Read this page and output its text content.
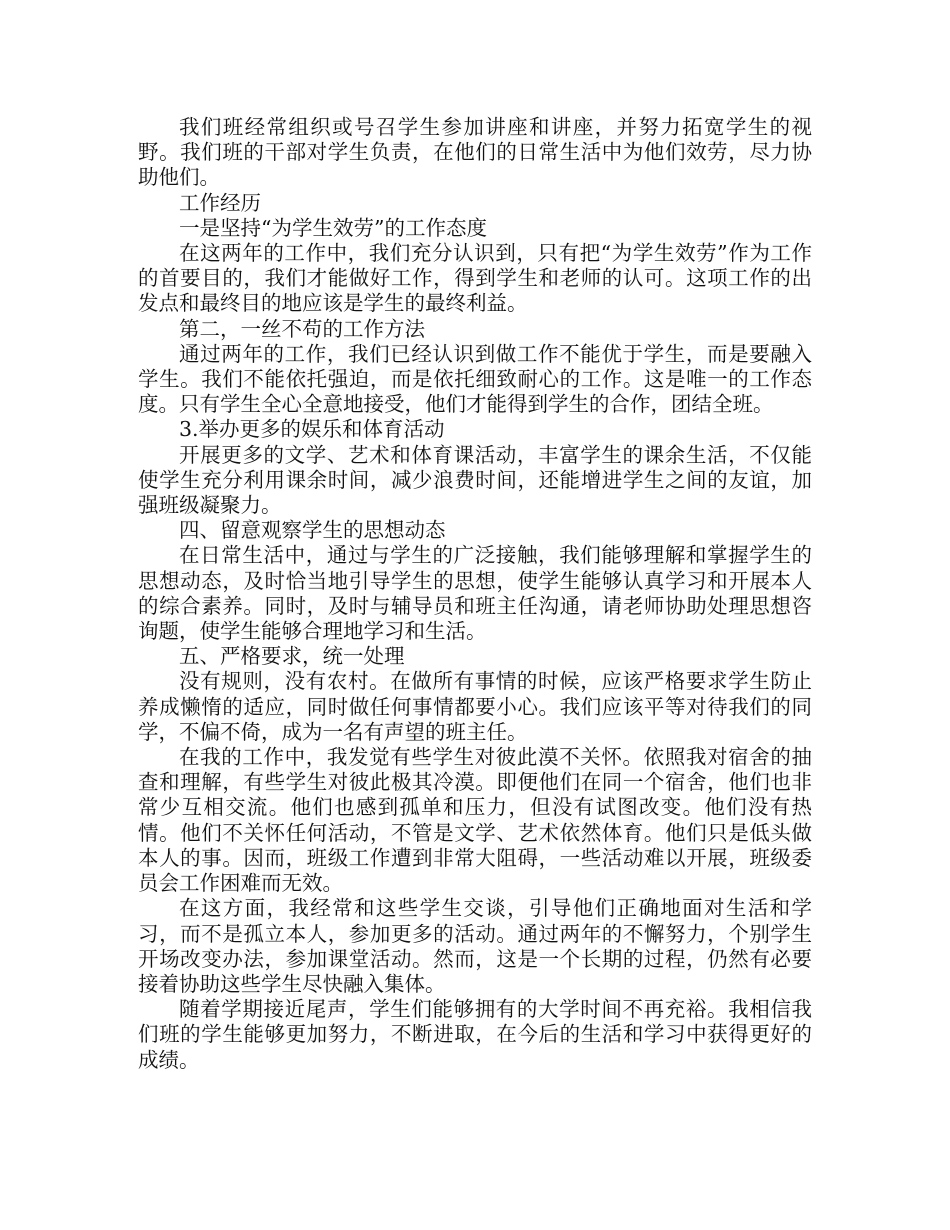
我们班经常组织或号召学生参加讲座和讲座，并努力拓宽学生的视野。我们班的干部对学生负责，在他们的日常生活中为他们效劳，尽力协助他们。

工作经历

一是坚持“为学生效劳”的工作态度

在这两年的工作中，我们充分认识到，只有把“为学生效劳”作为工作的首要目的，我们才能做好工作，得到学生和老师的认可。这项工作的出发点和最终目的地应该是学生的最终利益。

第二，一丝不苟的工作方法

通过两年的工作，我们已经认识到做工作不能优于学生，而是要融入学生。我们不能依托强迫，而是依托细致耐心的工作。这是唯一的工作态度。只有学生全心全意地接受，他们才能得到学生的合作，团结全班。

3.举办更多的娱乐和体育活动

开展更多的文学、艺术和体育课活动，丰富学生的课余生活，不仅能使学生充分利用课余时间，减少浪费时间，还能增进学生之间的友谊，加强班级凝聚力。

四、留意观察学生的思想动态

在日常生活中，通过与学生的广泛接触，我们能够理解和掌握学生的思想动态，及时恰当地引导学生的思想，使学生能够认真学习和开展本人的综合素养。同时，及时与辅导员和班主任沟通，请老师协助处理思想咨询题，使学生能够合理地学习和生活。

五、严格要求，统一处理

没有规则，没有农村。在做所有事情的时候，应该严格要求学生防止养成懒惰的适应，同时做任何事情都要小心。我们应该平等对待我们的同学，不偏不倚，成为一名有声望的班主任。

在我的工作中，我发觉有些学生对彼此漠不关怀。依照我对宿舍的抽查和理解，有些学生对彼此极其冷漠。即便他们在同一个宿舍，他们也非常少互相交流。他们也感到孤单和压力，但没有试图改变。他们没有热情。他们不关怀任何活动，不管是文学、艺术依然体育。他们只是低头做本人的事。因而，班级工作遭到非常大阻碍，一些活动难以开展，班级委员会工作困难而无效。

在这方面，我经常和这些学生交谈，引导他们正确地面对生活和学习，而不是孤立本人，参加更多的活动。通过两年的不懈努力，个别学生开场改变办法，参加课堂活动。然而，这是一个长期的过程，仍然有必要接着协助这些学生尽快融入集体。

随着学期接近尾声，学生们能够拥有的大学时间不再充裕。我相信我们班的学生能够更加努力，不断进取，在今后的生活和学习中获得更好的成绩。
